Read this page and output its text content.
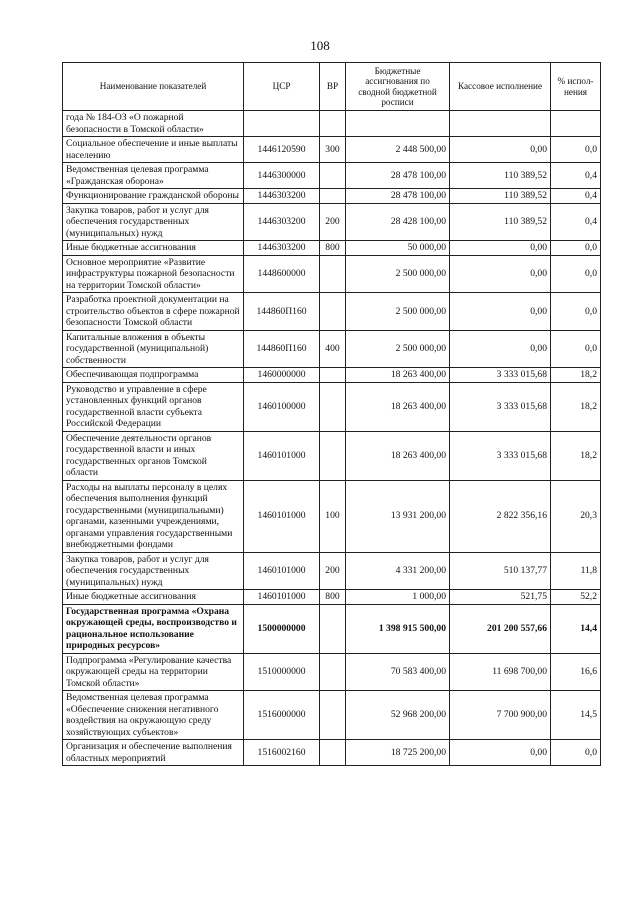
108
Наименование показателей	ЦСР	ВР	Бюджетные ассигнования по сводной бюджетной росписи	Кассовое исполнение	% испол-нения
года № 184-ОЗ «О пожарной безопасности в Томской области»					
Социальное обеспечение и иные выплаты населению	1446120590	300	2 448 500,00	0,00	0,0
Ведомственная целевая программа «Гражданская оборона»	1446300000		28 478 100,00	110 389,52	0,4
Функционирование гражданской обороны	1446303200		28 478 100,00	110 389,52	0,4
Закупка товаров, работ и услуг для обеспечения государственных (муниципальных) нужд	1446303200	200	28 428 100,00	110 389,52	0,4
Иные бюджетные ассигнования	1446303200	800	50 000,00	0,00	0,0
Основное мероприятие «Развитие инфраструктуры пожарной безопасности на территории Томской области»	1448600000		2 500 000,00	0,00	0,0
Разработка проектной документации на строительство объектов в сфере пожарной безопасности Томской области	144860П160		2 500 000,00	0,00	0,0
Капитальные вложения в объекты государственной (муниципальной) собственности	144860П160	400	2 500 000,00	0,00	0,0
Обеспечивающая подпрограмма	1460000000		18 263 400,00	3 333 015,68	18,2
Руководство и управление в сфере установленных функций органов государственной власти субъекта Российской Федерации	1460100000		18 263 400,00	3 333 015,68	18,2
Обеспечение деятельности органов государственной власти и иных государственных органов Томской области	1460101000		18 263 400,00	3 333 015,68	18,2
Расходы на выплаты персоналу в целях обеспечения выполнения функций государственными (муниципальными) органами, казенными учреждениями, органами управления государственными внебюджетными фондами	1460101000	100	13 931 200,00	2 822 356,16	20,3
Закупка товаров, работ и услуг для обеспечения государственных (муниципальных) нужд	1460101000	200	4 331 200,00	510 137,77	11,8
Иные бюджетные ассигнования	1460101000	800	1 000,00	521,75	52,2
Государственная программа «Охрана окружающей среды, воспроизводство и рациональное использование природных ресурсов»	1500000000		1 398 915 500,00	201 200 557,66	14,4
Подпрограмма «Регулирование качества окружающей среды на территории Томской области»	1510000000		70 583 400,00	11 698 700,00	16,6
Ведомственная целевая программа «Обеспечение снижения негативного воздействия на окружающую среду хозяйствующих субъектов»	1516000000		52 968 200,00	7 700 900,00	14,5
Организация и обеспечение выполнения областных мероприятий	1516002160		18 725 200,00	0,00	0,0
